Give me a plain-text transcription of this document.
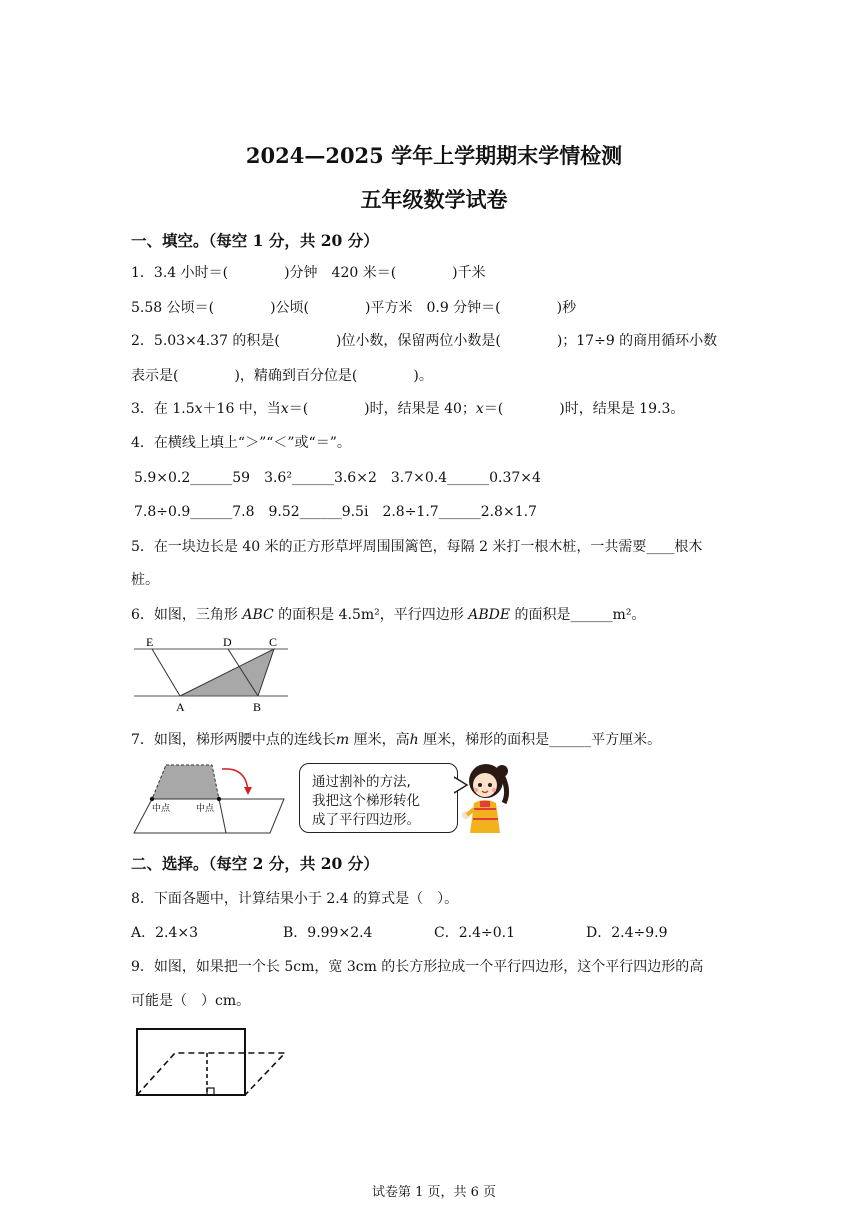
2024—2025 学年上学期期末学情检测
五年级数学试卷
一、填空。（每空 1 分，共 20 分）
1．3.4 小时＝(　　　　)分钟　420 米＝(　　　　)千米
5.58 公顷＝(　　　　)公顷(　　　　)平方米　0.9 分钟＝(　　　　)秒
2．5.03×4.37 的积是(　　　　)位小数，保留两位小数是(　　　　)；17÷9 的商用循环小数
表示是(　　　　)，精确到百分位是(　　　　)。
3．在 1.5x＋16 中，当x＝(　　　　)时，结果是 40；x＝(　　　　)时，结果是 19.3。
4．在横线上填上“＞”“＜”或“＝”。
5.9×0.2______59　3.6²______3.6×2　3.7×0.4______0.37×4
7.8÷0.9______7.8　9.52______9.5i　2.8÷1.7______2.8×1.7
5．在一块边长是 40 米的正方形草坪周围围篱笆，每隔 2 米打一根木桩，一共需要____根木
桩。
6．如图，三角形 ABC 的面积是 4.5m²，平行四边形 ABDE 的面积是______m²。
E	D	C
A	B
7．如图，梯形两腰中点的连线长m 厘米，高h 厘米，梯形的面积是______平方厘米。
中点	中点
通过割补的方法,
我把这个梯形转化
成了平行四边形。
二、选择。（每空 2 分，共 20 分）
8．下面各题中，计算结果小于 2.4 的算式是（　）。
A．2.4×3	B．9.99×2.4	C．2.4÷0.1	D．2.4÷9.9
9．如图，如果把一个长 5cm，宽 3cm 的长方形拉成一个平行四边形，这个平行四边形的高
可能是（　）cm。
试卷第 1 页，共 6 页
